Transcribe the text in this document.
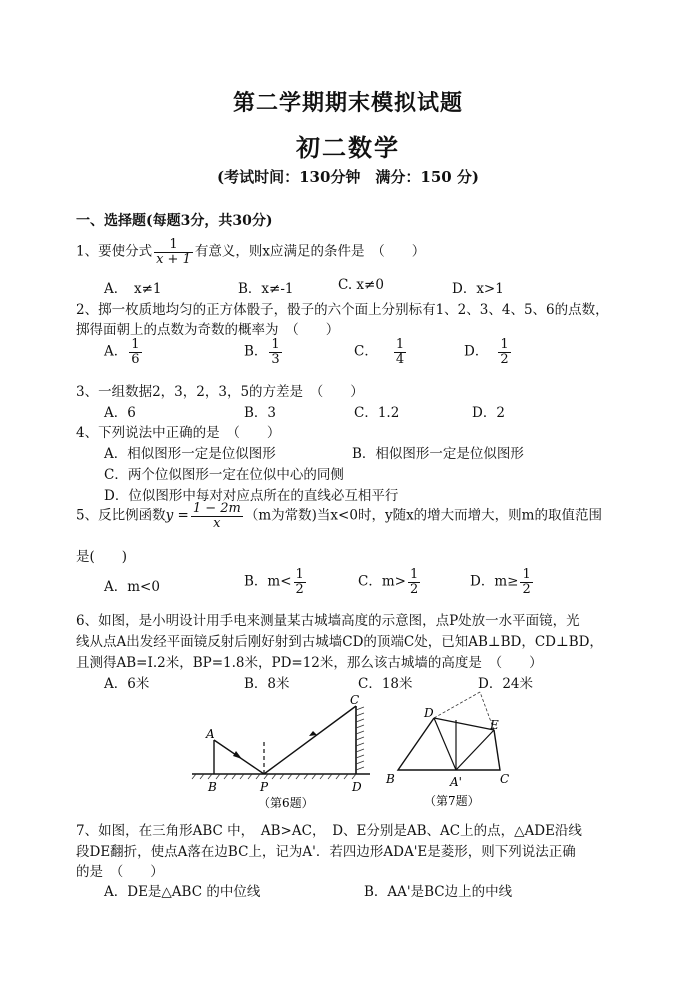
第二学期期末模拟试题
初二数学
(考试时间：130分钟　满分：150 分)
一、选择题(每题3分，共30分)
1、要使分式 $\frac{1}{x + 1}$ 有意义，则x应满足的条件是　（　　）
A．　x≠1	B．x≠-1	C. x≠0	D．x>1
2、掷一枚质地均匀的正方体骰子，骰子的六个面上分别标有1、2、3、4、5、6的点数，
掷得面朝上的点数为奇数的概率为　（　　）
A． $\frac{1}{6}$	B． $\frac{1}{3}$	C． $\frac{1}{4}$	D． $\frac{1}{2}$
3、一组数据2，3，2，3，5的方差是　（　　）
A．6	B．3	C．1.2	D．2
4、下列说法中正确的是　（　　）
A．相似图形一定是位似图形	B．相似图形一定是位似图形
C．两个位似图形一定在位似中心的同侧
D．位似图形中每对对应点所在的直线必互相平行
5、反比例函数$y = \frac{1 - 2m}{x} (m$为常数)当x<0时，y随x的增大而增大，则m的取值范围
是(　　)
A．m<0	B．$m< \frac{1}{2}$	C．$m> \frac{1}{2}$	D．$m\ge \frac{1}{2}$
6、如图，是小明设计用手电来测量某古城墙高度的示意图，点P处放一水平面镜，光
线从点A出发经平面镜反射后刚好射到古城墙CD的顶端C处，已知AB⊥BD，CD⊥BD，
且测得AB=I.2米，BP=1.8米，PD=12米，那么该古城墙的高度是　（　　）
A．6米	B．8米	C．18米	D．24米
A
B	P
C
D
（第6题）
D
E
B	A'	C
（第7题）
7、如图，在三角形ABC 中，　AB>AC，　D、E分别是AB、AC上的点，△ADE沿线
段DE翻折，使点A落在边BC上，记为A'．若四边形ADA'E是菱形，则下列说法正确
的是　（　　）
A．DE是△ABC 的中位线	B．AA'是BC边上的中线
